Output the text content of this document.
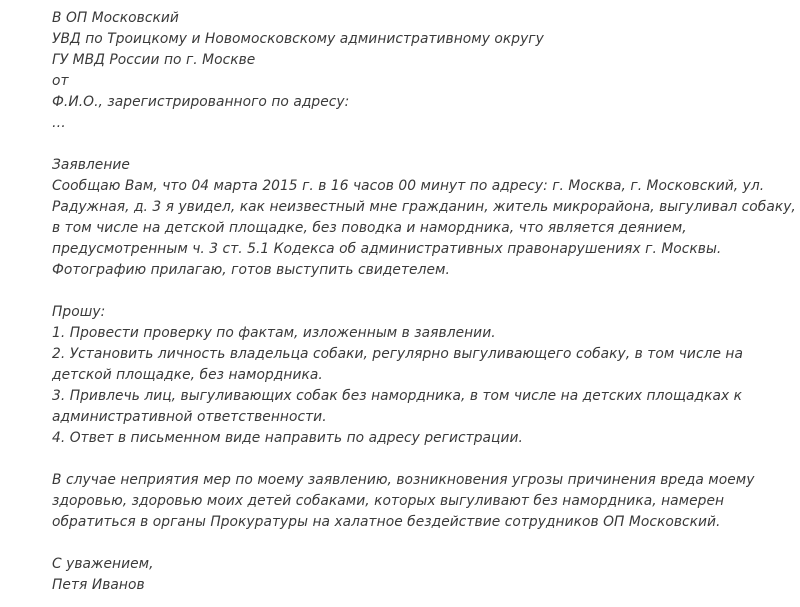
В ОП Московский
УВД по Троицкому и Новомосковскому административному округу
ГУ МВД России по г. Москве
от
Ф.И.О., зарегистрированного по адресу:
…
Заявление
Сообщаю Вам, что 04 марта 2015 г. в 16 часов 00 минут по адресу: г. Москва, г. Московский, ул.
Радужная, д. 3 я увидел, как неизвестный мне гражданин, житель микрорайона, выгуливал собаку,
в том числе на детской площадке, без поводка и намордника, что является деянием,
предусмотренным ч. 3 ст. 5.1 Кодекса об административных правонарушениях г. Москвы.
Фотографию прилагаю, готов выступить свидетелем.
Прошу:
1. Провести проверку по фактам, изложенным в заявлении.
2. Установить личность владельца собаки, регулярно выгуливающего собаку, в том числе на
детской площадке, без намордника.
3. Привлечь лиц, выгуливающих собак без намордника, в том числе на детских площадках к
административной ответственности.
4. Ответ в письменном виде направить по адресу регистрации.
В случае неприятия мер по моему заявлению, возникновения угрозы причинения вреда моему
здоровью, здоровью моих детей собаками, которых выгуливают без намордника, намерен
обратиться в органы Прокуратуры на халатное бездействие сотрудников ОП Московский.
С уважением,
Петя Иванов
